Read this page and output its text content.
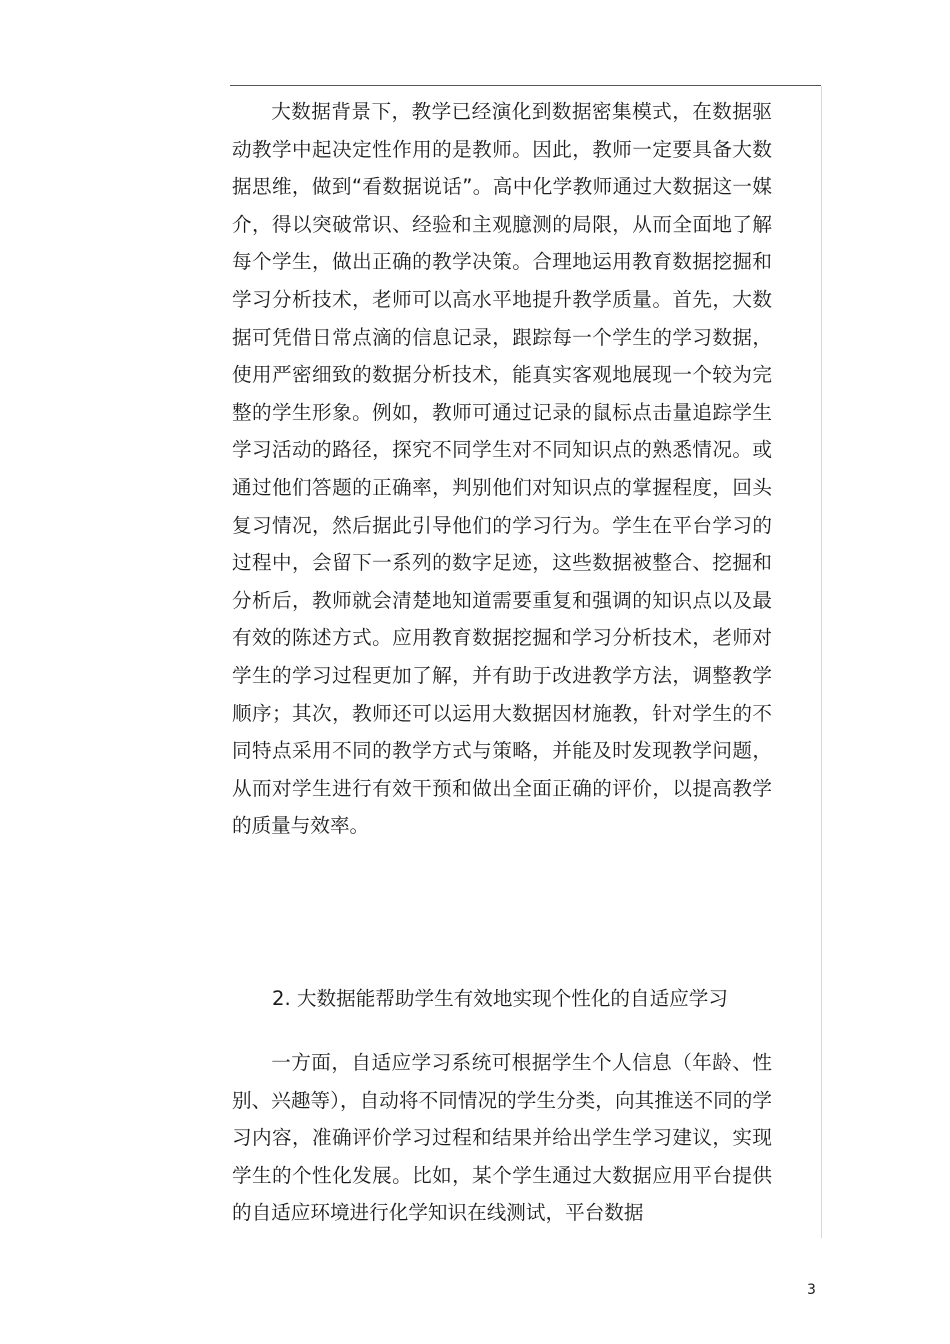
大数据背景下，教学已经演化到数据密集模式，在数据驱动教学中起决定性作用的是教师。因此，教师一定要具备大数据思维，做到“看数据说话”。高中化学教师通过大数据这一媒介，得以突破常识、经验和主观臆测的局限，从而全面地了解每个学生，做出正确的教学决策。合理地运用教育数据挖掘和学习分析技术，老师可以高水平地提升教学质量。首先，大数据可凭借日常点滴的信息记录，跟踪每一个学生的学习数据，使用严密细致的数据分析技术，能真实客观地展现一个较为完整的学生形象。例如，教师可通过记录的鼠标点击量追踪学生学习活动的路径，探究不同学生对不同知识点的熟悉情况。或通过他们答题的正确率，判别他们对知识点的掌握程度，回头复习情况，然后据此引导他们的学习行为。学生在平台学习的过程中，会留下一系列的数字足迹，这些数据被整合、挖掘和分析后，教师就会清楚地知道需要重复和强调的知识点以及最有效的陈述方式。应用教育数据挖掘和学习分析技术，老师对学生的学习过程更加了解，并有助于改进教学方法，调整教学顺序；其次，教师还可以运用大数据因材施教，针对学生的不同特点采用不同的教学方式与策略，并能及时发现教学问题，从而对学生进行有效干预和做出全面正确的评价，以提高教学的质量与效率。

2. 大数据能帮助学生有效地实现个性化的自适应学习

一方面，自适应学习系统可根据学生个人信息（年龄、性别、兴趣等），自动将不同情况的学生分类，向其推送不同的学习内容，准确评价学习过程和结果并给出学生学习建议，实现学生的个性化发展。比如，某个学生通过大数据应用平台提供的自适应环境进行化学知识在线测试，平台数据

3
